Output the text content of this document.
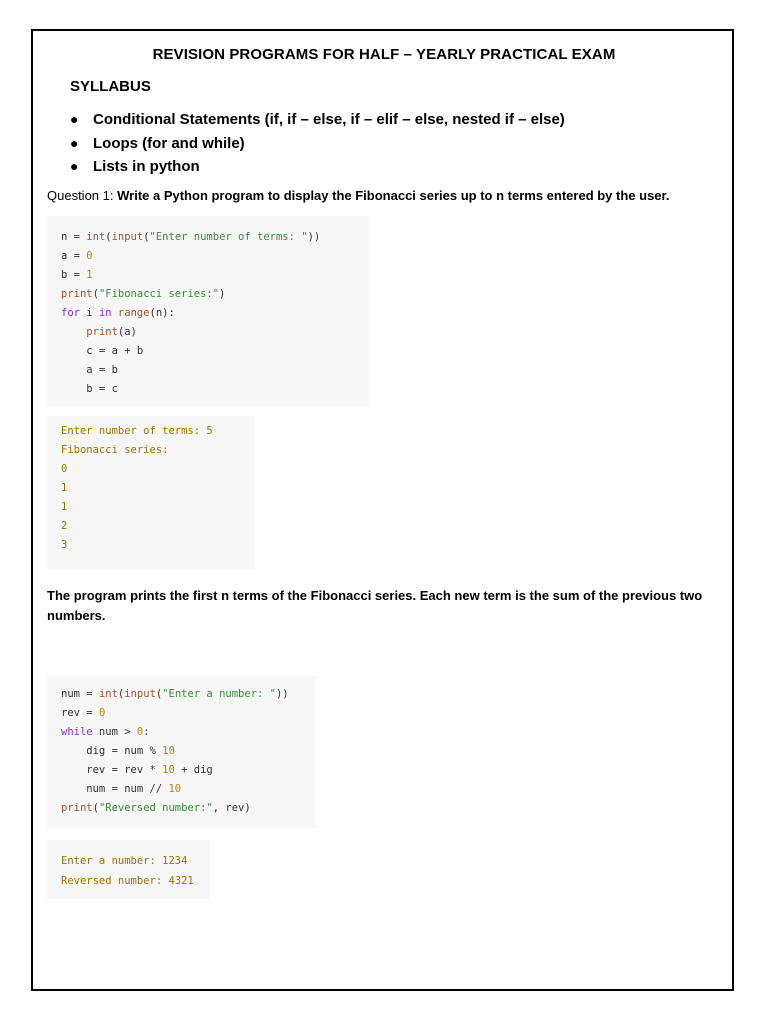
REVISION PROGRAMS FOR HALF – YEARLY PRACTICAL EXAM
SYLLABUS
● Conditional Statements (if, if – else, if – elif – else, nested if – else)
● Loops (for and while)
● Lists in python
Question 1: Write a Python program to display the Fibonacci series up to n terms entered by the user.
n = int(input("Enter number of terms: "))
a = 0
b = 1
print("Fibonacci series:")
for i in range(n):
print(a)
c = a + b
a = b
b = c
Enter number of terms: 5
Fibonacci series:
0
1
1
2
3
The program prints the first n terms of the Fibonacci series. Each new term is the sum of the previous two numbers.
num = int(input("Enter a number: "))
rev = 0
while num > 0:
dig = num % 10
rev = rev * 10 + dig
num = num // 10
print("Reversed number:", rev)
Enter a number: 1234
Reversed number: 4321
